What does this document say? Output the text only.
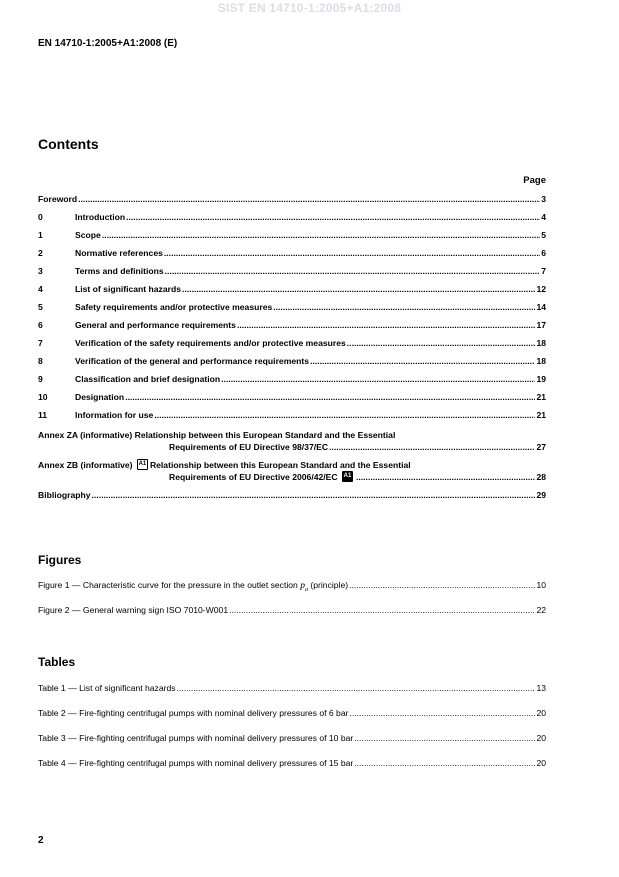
SIST EN 14710-1:2005+A1:2008
EN 14710-1:2005+A1:2008 (E)
Contents
Page
Foreword .....	3
0	Introduction .....	4
1	Scope .....	5
2	Normative references .....	6
3	Terms and definitions .....	7
4	List of significant hazards .....	12
5	Safety requirements and/or protective measures .....	14
6	General and performance requirements .....	17
7	Verification of the safety requirements and/or protective measures .....	18
8	Verification of the general and performance requirements .....	18
9	Classification and brief designation .....	19
10	Designation .....	21
11	Information for use .....	21
Annex ZA (informative) Relationship between this European Standard and the Essential
Requirements of EU Directive 98/37/EC .....	27
Annex ZB (informative) A1 Relationship between this European Standard and the Essential
Requirements of EU Directive 2006/42/EC A1 .....	28
Bibliography .....	29
Figures
Figure 1 — Characteristic curve for the pressure in the outlet section $p_a$ (principle) .....	10
Figure 2 — General warning sign ISO 7010-W001 .....	22
Tables
Table 1 — List of significant hazards .....	13
Table 2 — Fire-fighting centrifugal pumps with nominal delivery pressures of 6 bar .....	20
Table 3 — Fire-fighting centrifugal pumps with nominal delivery pressures of 10 bar .....	20
Table 4 — Fire-fighting centrifugal pumps with nominal delivery pressures of 15 bar .....	20
2
